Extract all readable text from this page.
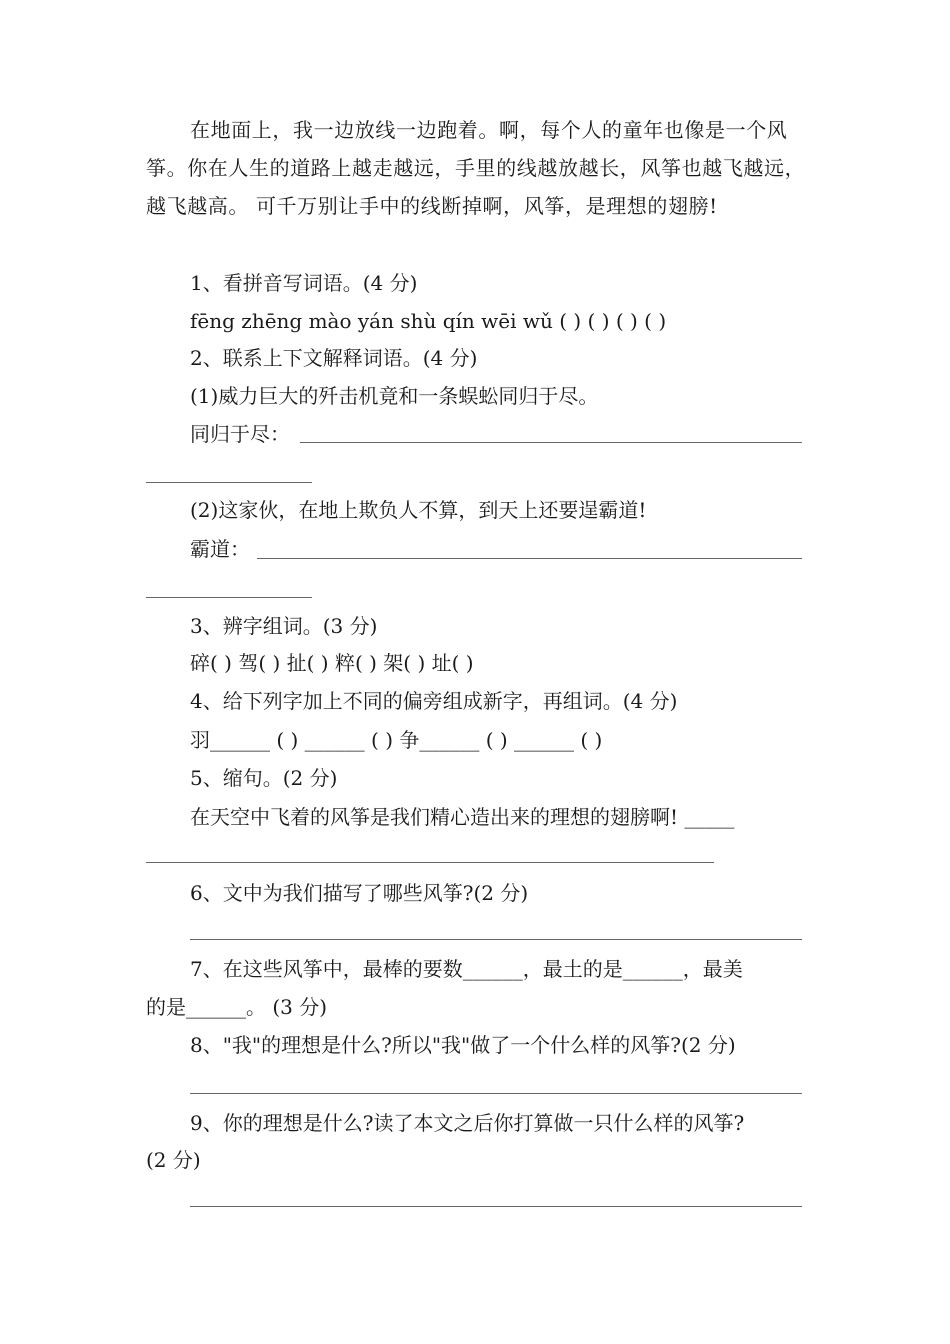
在地面上，我一边放线一边跑着。啊，每个人的童年也像是一个风筝。你在人生的道路上越走越远，手里的线越放越长，风筝也越飞越远，越飞越高。 可千万别让手中的线断掉啊，风筝，是理想的翅膀!
1、看拼音写词语。(4 分)
fēng zhēng mào yán shù qín wēi wǔ ( ) ( ) ( ) ( )
2、联系上下文解释词语。(4 分)
(1)威力巨大的歼击机竟和一条蜈蚣同归于尽。
同归于尽：
(2)这家伙，在地上欺负人不算，到天上还要逞霸道!
霸道：
3、辨字组词。(3 分)
碎( ) 驾( ) 扯( ) 粹( ) 架( ) 址( )
4、给下列字加上不同的偏旁组成新字，再组词。(4 分)
羽______ ( ) ______ ( ) 争______ ( ) ______ ( )
5、缩句。(2 分)
在天空中飞着的风筝是我们精心造出来的理想的翅膀啊! _____
6、文中为我们描写了哪些风筝?(2 分)
7、在这些风筝中，最棒的要数______，最土的是______，最美
的是______。 (3 分)
8、"我"的理想是什么?所以"我"做了一个什么样的风筝?(2 分)
9、你的理想是什么?读了本文之后你打算做一只什么样的风筝?
(2 分)
